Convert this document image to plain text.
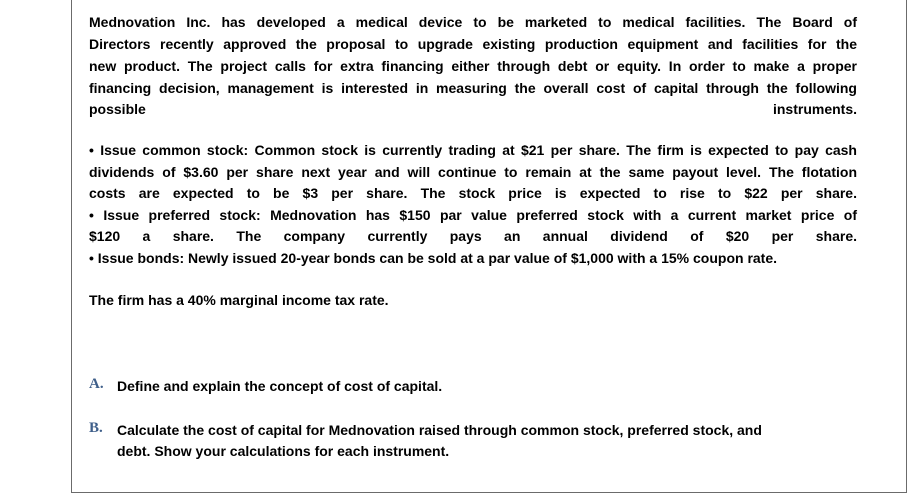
Mednovation Inc. has developed a medical device to be marketed to medical facilities. The Board of

Directors recently approved the proposal to upgrade existing production equipment and facilities for the

new product. The project calls for extra financing either through debt or equity. In order to make a proper

financing decision, management is interested in measuring the overall cost of capital through the following

possible	instruments.

• Issue common stock: Common stock is currently trading at $21 per share. The firm is expected to pay cash

dividends of $3.60 per share next year and will continue to remain at the same payout level. The flotation

costs are expected to be $3 per share. The stock price is expected to rise to $22 per share.

• Issue preferred stock: Mednovation has $150 par value preferred stock with a current market price of

$120 a share. The company currently pays an annual dividend of $20 per share.

• Issue bonds: Newly issued 20-year bonds can be sold at a par value of $1,000 with a 15% coupon rate.

The firm has a 40% marginal income tax rate.

A. Define and explain the concept of cost of capital.

B. Calculate the cost of capital for Mednovation raised through common stock, preferred stock, and

debt. Show your calculations for each instrument.
